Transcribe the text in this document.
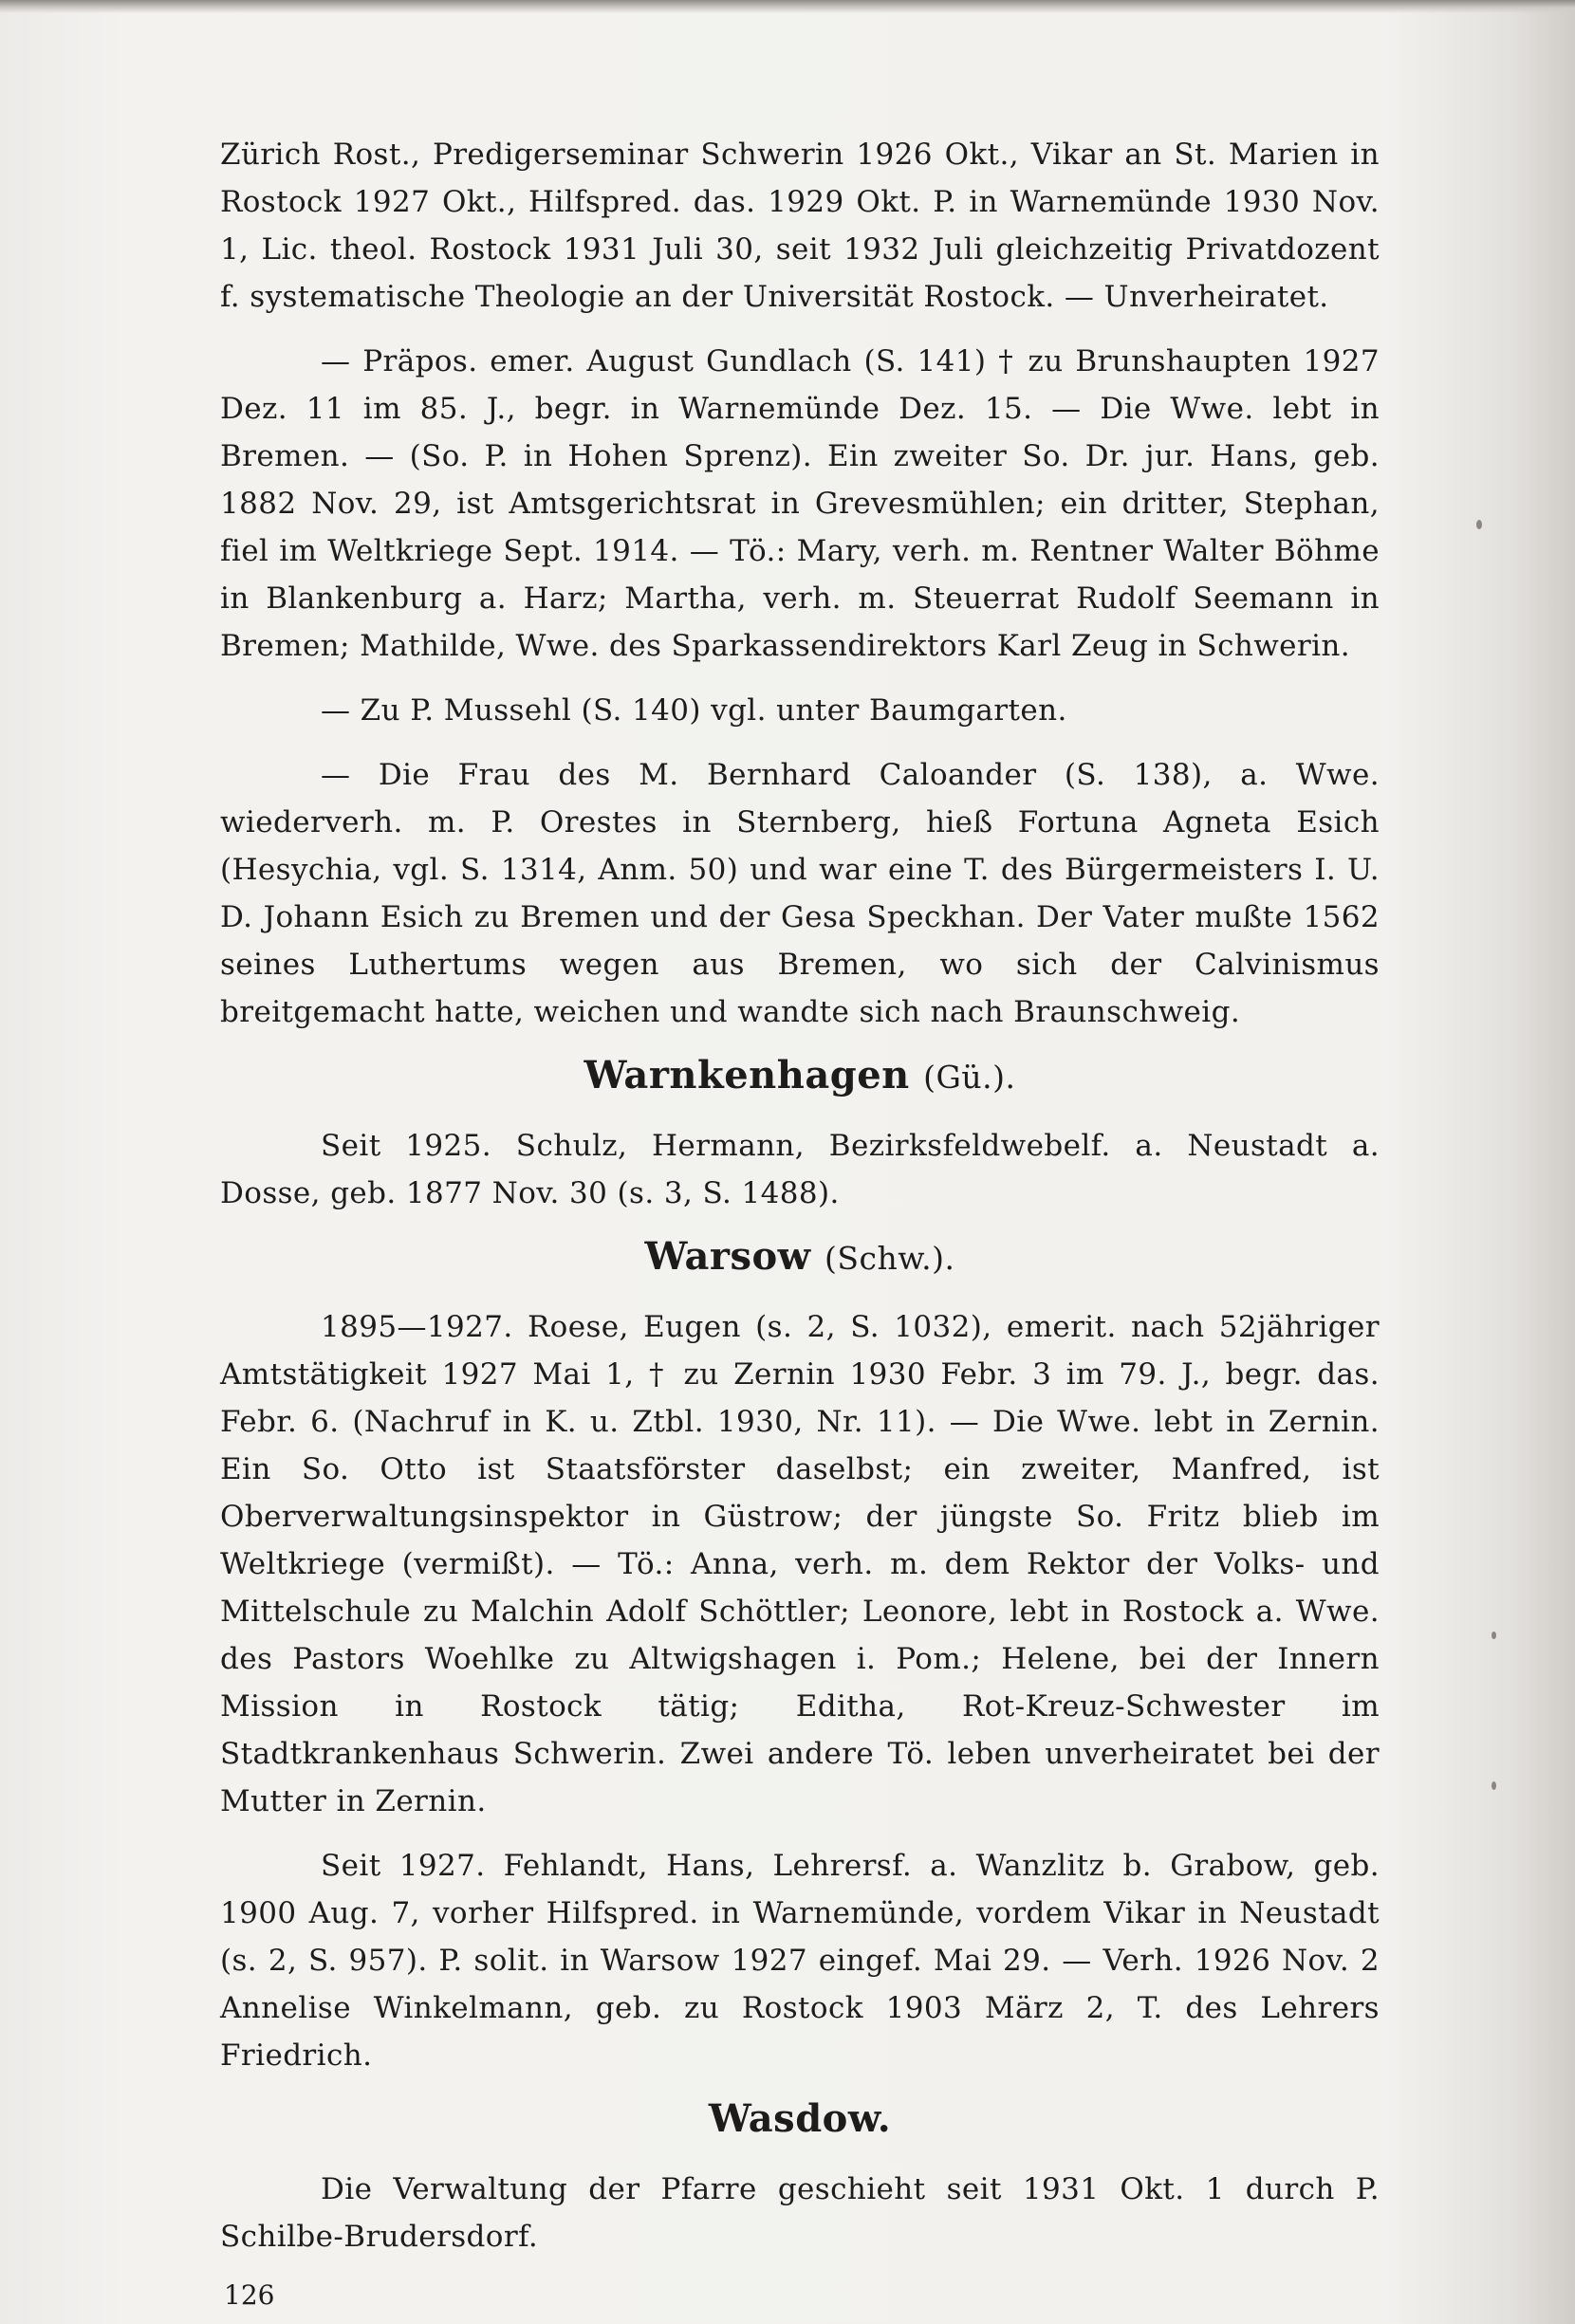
Zürich Rost., Predigerseminar Schwerin 1926 Okt., Vikar an St. Marien in Rostock 1927 Okt., Hilfspred. das. 1929 Okt. P. in Warnemünde 1930 Nov. 1, Lic. theol. Rostock 1931 Juli 30, seit 1932 Juli gleichzeitig Privatdozent f. systematische Theologie an der Universität Rostock. — Unverheiratet.

— Präpos. emer. August Gundlach (S. 141) † zu Brunshaupten 1927 Dez. 11 im 85. J., begr. in Warnemünde Dez. 15. — Die Wwe. lebt in Bremen. — (So. P. in Hohen Sprenz). Ein zweiter So. Dr. jur. Hans, geb. 1882 Nov. 29, ist Amtsgerichtsrat in Grevesmühlen; ein dritter, Stephan, fiel im Weltkriege Sept. 1914. — Tö.: Mary, verh. m. Rentner Walter Böhme in Blankenburg a. Harz; Martha, verh. m. Steuerrat Rudolf Seemann in Bremen; Mathilde, Wwe. des Sparkassendirektors Karl Zeug in Schwerin.

— Zu P. Mussehl (S. 140) vgl. unter Baumgarten.

— Die Frau des M. Bernhard Caloander (S. 138), a. Wwe. wiederverh. m. P. Orestes in Sternberg, hieß Fortuna Agneta Esich (Hesychia, vgl. S. 1314, Anm. 50) und war eine T. des Bürgermeisters I. U. D. Johann Esich zu Bremen und der Gesa Speckhan. Der Vater mußte 1562 seines Luthertums wegen aus Bremen, wo sich der Calvinismus breitgemacht hatte, weichen und wandte sich nach Braunschweig.

Warnkenhagen (Gü.).

Seit 1925. Schulz, Hermann, Bezirksfeldwebelf. a. Neustadt a. Dosse, geb. 1877 Nov. 30 (s. 3, S. 1488).

Warsow (Schw.).

1895—1927. Roese, Eugen (s. 2, S. 1032), emerit. nach 52jähriger Amtstätigkeit 1927 Mai 1, † zu Zernin 1930 Febr. 3 im 79. J., begr. das. Febr. 6. (Nachruf in K. u. Ztbl. 1930, Nr. 11). — Die Wwe. lebt in Zernin. Ein So. Otto ist Staatsförster daselbst; ein zweiter, Manfred, ist Oberverwaltungsinspektor in Güstrow; der jüngste So. Fritz blieb im Weltkriege (vermißt). — Tö.: Anna, verh. m. dem Rektor der Volks- und Mittelschule zu Malchin Adolf Schöttler; Leonore, lebt in Rostock a. Wwe. des Pastors Woehlke zu Altwigshagen i. Pom.; Helene, bei der Innern Mission in Rostock tätig; Editha, Rot-Kreuz-Schwester im Stadtkrankenhaus Schwerin. Zwei andere Tö. leben unverheiratet bei der Mutter in Zernin.

Seit 1927. Fehlandt, Hans, Lehrersf. a. Wanzlitz b. Grabow, geb. 1900 Aug. 7, vorher Hilfspred. in Warnemünde, vordem Vikar in Neustadt (s. 2, S. 957). P. solit. in Warsow 1927 eingef. Mai 29. — Verh. 1926 Nov. 2 Annelise Winkelmann, geb. zu Rostock 1903 März 2, T. des Lehrers Friedrich.

Wasdow.

Die Verwaltung der Pfarre geschieht seit 1931 Okt. 1 durch P. Schilbe-Brudersdorf.

126
